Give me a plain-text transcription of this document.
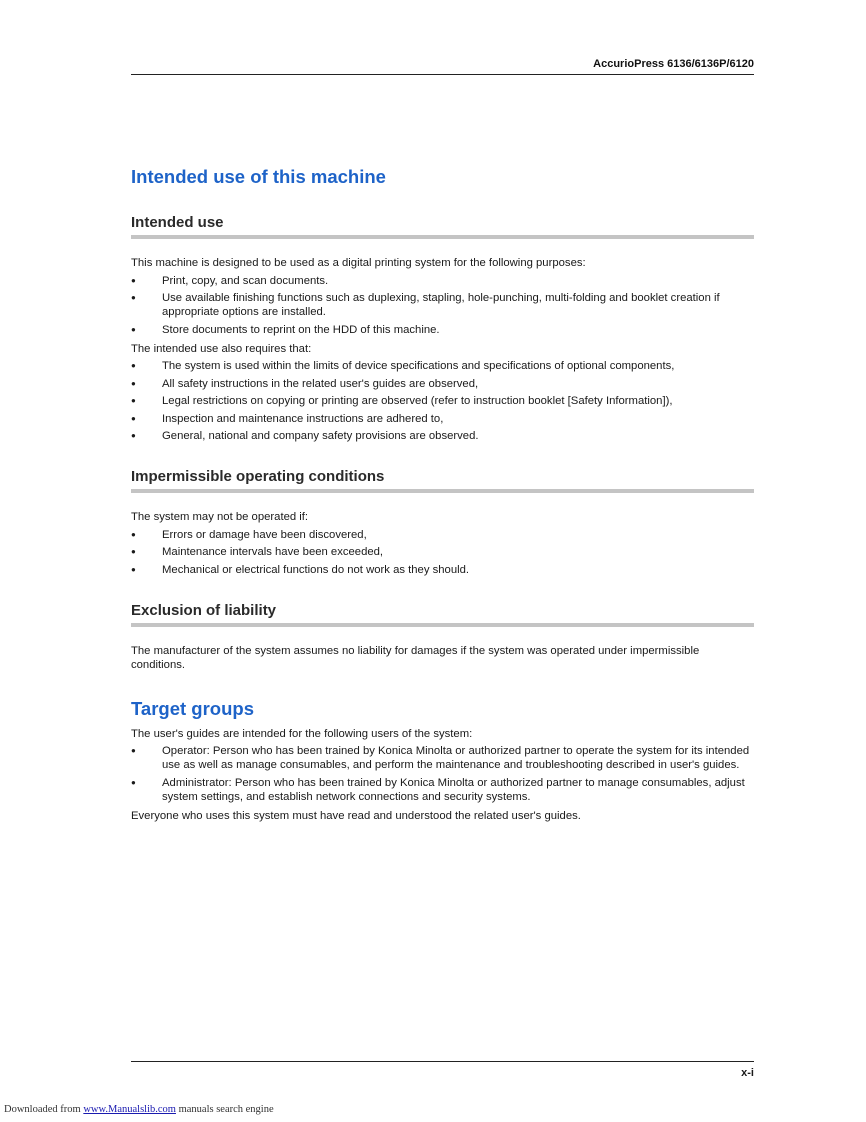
AccurioPress 6136/6136P/6120
Intended use of this machine
Intended use

This machine is designed to be used as a digital printing system for the following purposes:

● Print, copy, and scan documents.
● Use available finishing functions such as duplexing, stapling, hole-punching, multi-folding and booklet creation if appropriate options are installed.
● Store documents to reprint on the HDD of this machine.

The intended use also requires that:

● The system is used within the limits of device specifications and specifications of optional components,
● All safety instructions in the related user's guides are observed,
● Legal restrictions on copying or printing are observed (refer to instruction booklet [Safety Information]),
● Inspection and maintenance instructions are adhered to,
● General, national and company safety provisions are observed.
Impermissible operating conditions

The system may not be operated if:

● Errors or damage have been discovered,
● Maintenance intervals have been exceeded,
● Mechanical or electrical functions do not work as they should.
Exclusion of liability

The manufacturer of the system assumes no liability for damages if the system was operated under impermissible conditions.

Target groups

The user's guides are intended for the following users of the system:

● Operator: Person who has been trained by Konica Minolta or authorized partner to operate the system for its intended use as well as manage consumables, and perform the maintenance and troubleshooting described in user's guides.
● Administrator: Person who has been trained by Konica Minolta or authorized partner to manage consumables, adjust system settings, and establish network connections and security systems.

Everyone who uses this system must have read and understood the related user's guides.

x-i
Downloaded from www.Manualslib.com manuals search engine
